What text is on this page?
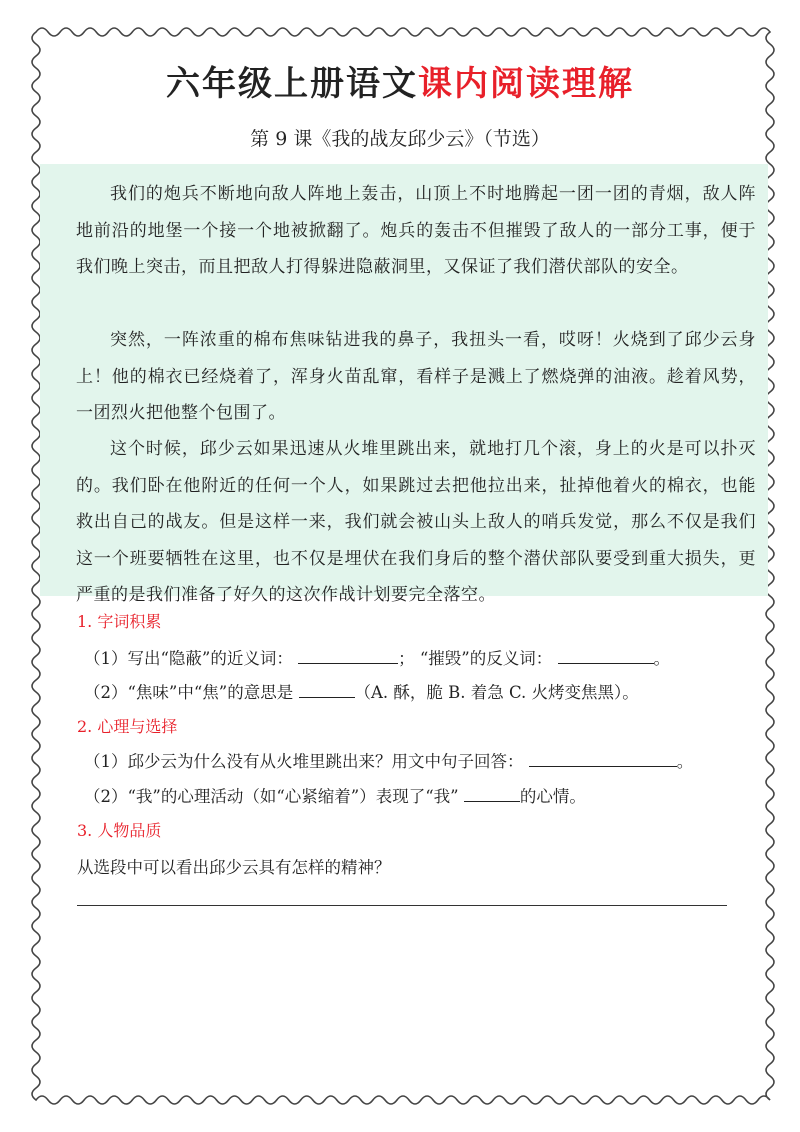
六年级上册语文课内阅读理解
第 9 课《我的战友邱少云》（节选）

我们的炮兵不断地向敌人阵地上轰击，山顶上不时地腾起一团一团的青烟，敌人阵地前沿的地堡一个接一个地被掀翻了。炮兵的轰击不但摧毁了敌人的一部分工事，便于我们晚上突击，而且把敌人打得躲进隐蔽洞里，又保证了我们潜伏部队的安全。

突然，一阵浓重的棉布焦味钻进我的鼻子，我扭头一看，哎呀！火烧到了邱少云身上！他的棉衣已经烧着了，浑身火苗乱窜，看样子是溅上了燃烧弹的油液。趁着风势，一团烈火把他整个包围了。

这个时候，邱少云如果迅速从火堆里跳出来，就地打几个滚，身上的火是可以扑灭的。我们卧在他附近的任何一个人，如果跳过去把他拉出来，扯掉他着火的棉衣，也能救出自己的战友。但是这样一来，我们就会被山头上敌人的哨兵发觉，那么不仅是我们这一个班要牺牲在这里，也不仅是埋伏在我们身后的整个潜伏部队要受到重大损失，更严重的是我们准备了好久的这次作战计划要完全落空。

1. 字词积累
（1）写出“隐蔽”的近义词：	； “摧毁”的反义词：	。
（2）“焦味”中“焦”的意思是	（A. 酥，脆 B. 着急 C. 火烤变焦黑）。
2. 心理与选择
（1）邱少云为什么没有从火堆里跳出来？用文中句子回答：	。
（2）“我”的心理活动（如“心紧缩着”）表现了“我”	的心情。
3. 人物品质
从选段中可以看出邱少云具有怎样的精神？
